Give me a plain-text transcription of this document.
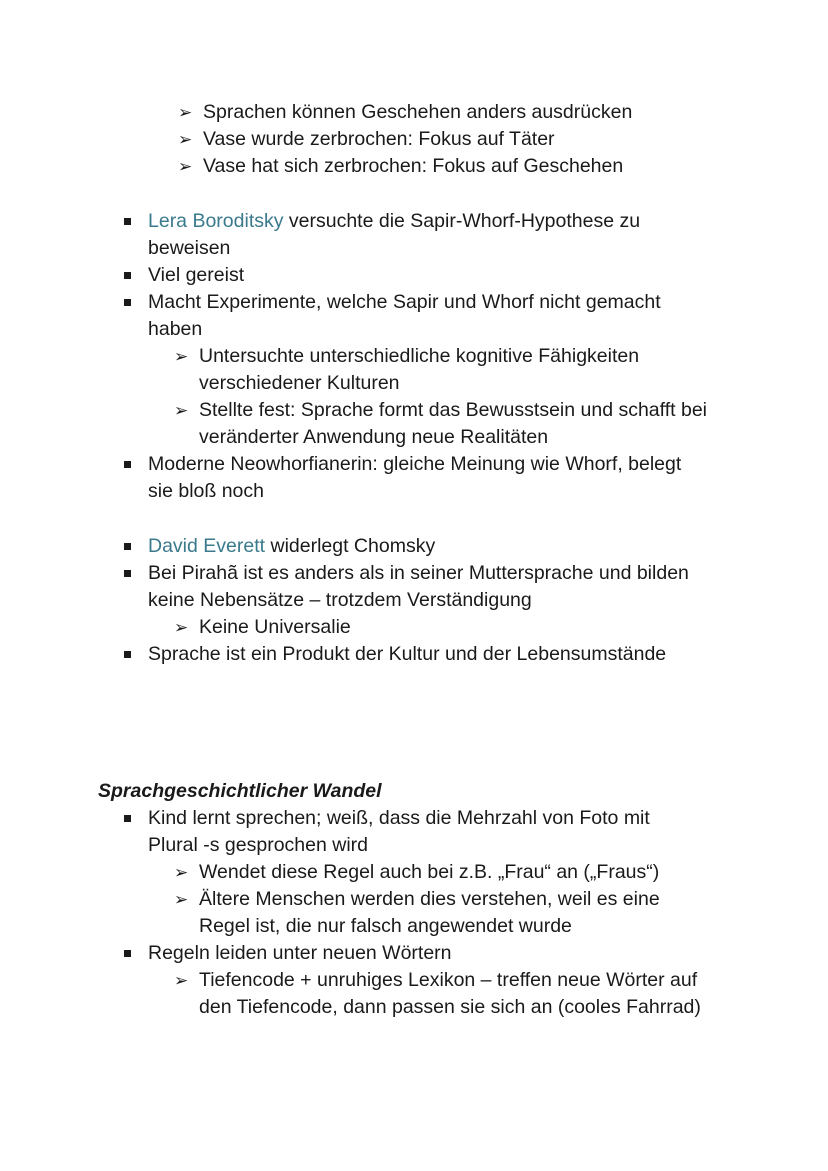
➢ Sprachen können Geschehen anders ausdrücken
➢ Vase wurde zerbrochen: Fokus auf Täter
➢ Vase hat sich zerbrochen: Fokus auf Geschehen
Lera Boroditsky versuchte die Sapir-Whorf-Hypothese zu
beweisen
Viel gereist
Macht Experimente, welche Sapir und Whorf nicht gemacht
haben
➢ Untersuchte unterschiedliche kognitive Fähigkeiten
verschiedener Kulturen
➢ Stellte fest: Sprache formt das Bewusstsein und schafft bei
veränderter Anwendung neue Realitäten
Moderne Neowhorfianerin: gleiche Meinung wie Whorf, belegt
sie bloß noch
David Everett widerlegt Chomsky
Bei Pirahã ist es anders als in seiner Muttersprache und bilden
keine Nebensätze – trotzdem Verständigung
➢ Keine Universalie
Sprache ist ein Produkt der Kultur und der Lebensumstände
Sprachgeschichtlicher Wandel
Kind lernt sprechen; weiß, dass die Mehrzahl von Foto mit
Plural -s gesprochen wird
➢ Wendet diese Regel auch bei z.B. „Frau“ an („Fraus“)
➢ Ältere Menschen werden dies verstehen, weil es eine
Regel ist, die nur falsch angewendet wurde
Regeln leiden unter neuen Wörtern
➢ Tiefencode + unruhiges Lexikon – treffen neue Wörter auf
den Tiefencode, dann passen sie sich an (cooles Fahrrad)
